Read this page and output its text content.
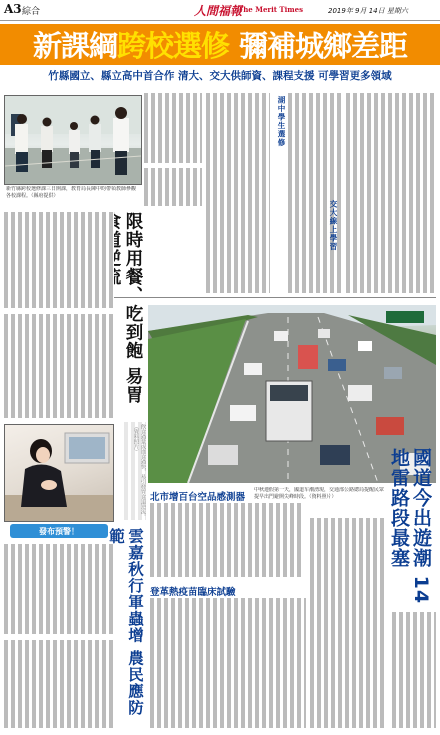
A3 綜合	人間福報
The Merit Times	2019年 9月 14日 星期六
新課綱 跨校選修 彌補城鄉差距
竹縣國立、縣立高中首合作 清大、交大供師資、課程支援 可學習更多領域
新竹縣跨校選修課三日開課，教育局長陳中昀帶領教師參觀各校課程。（縣府提供）
湖中學生選修
交大線上學習
限時用餐、吃到飽 易胃
飲食過量或進食過快，易引發胃食道逆流。（資料照片）
國道今出遊潮 14地雷路段最塞
中秋連假第一天，國道车潮湧現，交通部公路總局提醒民眾提早出門避開尖峰時段。（資料照片）
北市增百台空品感測器
登革熱疫苗臨床試驗
發布預警！	雲嘉秋行軍蟲增 農民應防範
